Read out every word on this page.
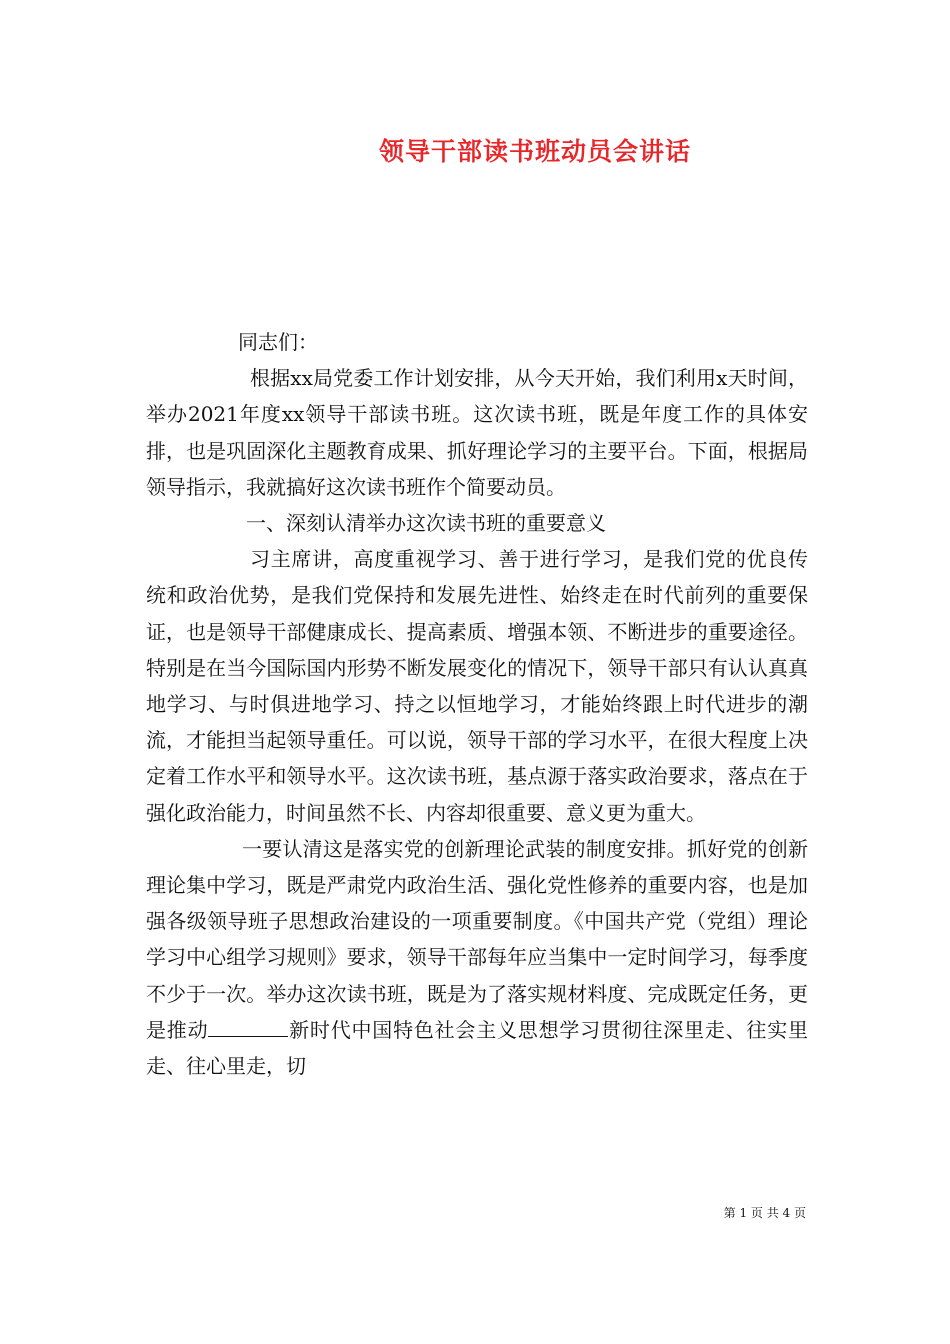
领导干部读书班动员会讲话

同志们：

根据xx局党委工作计划安排，从今天开始，我们利用x天时间，举办2021年度xx领导干部读书班。这次读书班，既是年度工作的具体安排，也是巩固深化主题教育成果、抓好理论学习的主要平台。下面，根据局领导指示，我就搞好这次读书班作个简要动员。

一、深刻认清举办这次读书班的重要意义

习主席讲，高度重视学习、善于进行学习，是我们党的优良传统和政治优势，是我们党保持和发展先进性、始终走在时代前列的重要保证，也是领导干部健康成长、提高素质、增强本领、不断进步的重要途径。特别是在当今国际国内形势不断发展变化的情况下，领导干部只有认认真真地学习、与时俱进地学习、持之以恒地学习，才能始终跟上时代进步的潮流，才能担当起领导重任。可以说，领导干部的学习水平，在很大程度上决定着工作水平和领导水平。这次读书班，基点源于落实政治要求，落点在于强化政治能力，时间虽然不长、内容却很重要、意义更为重大。

一要认清这是落实党的创新理论武装的制度安排。抓好党的创新理论集中学习，既是严肃党内政治生活、强化党性修养的重要内容，也是加强各级领导班子思想政治建设的一项重要制度。《中国共产党（党组）理论学习中心组学习规则》要求，领导干部每年应当集中一定时间学习，每季度不少于一次。举办这次读书班，既是为了落实规材料度、完成既定任务，更是推动	新时代中国特色社会主义思想学习贯彻往深里走、往实里走、往心里走，切

第 1 页 共 4 页
